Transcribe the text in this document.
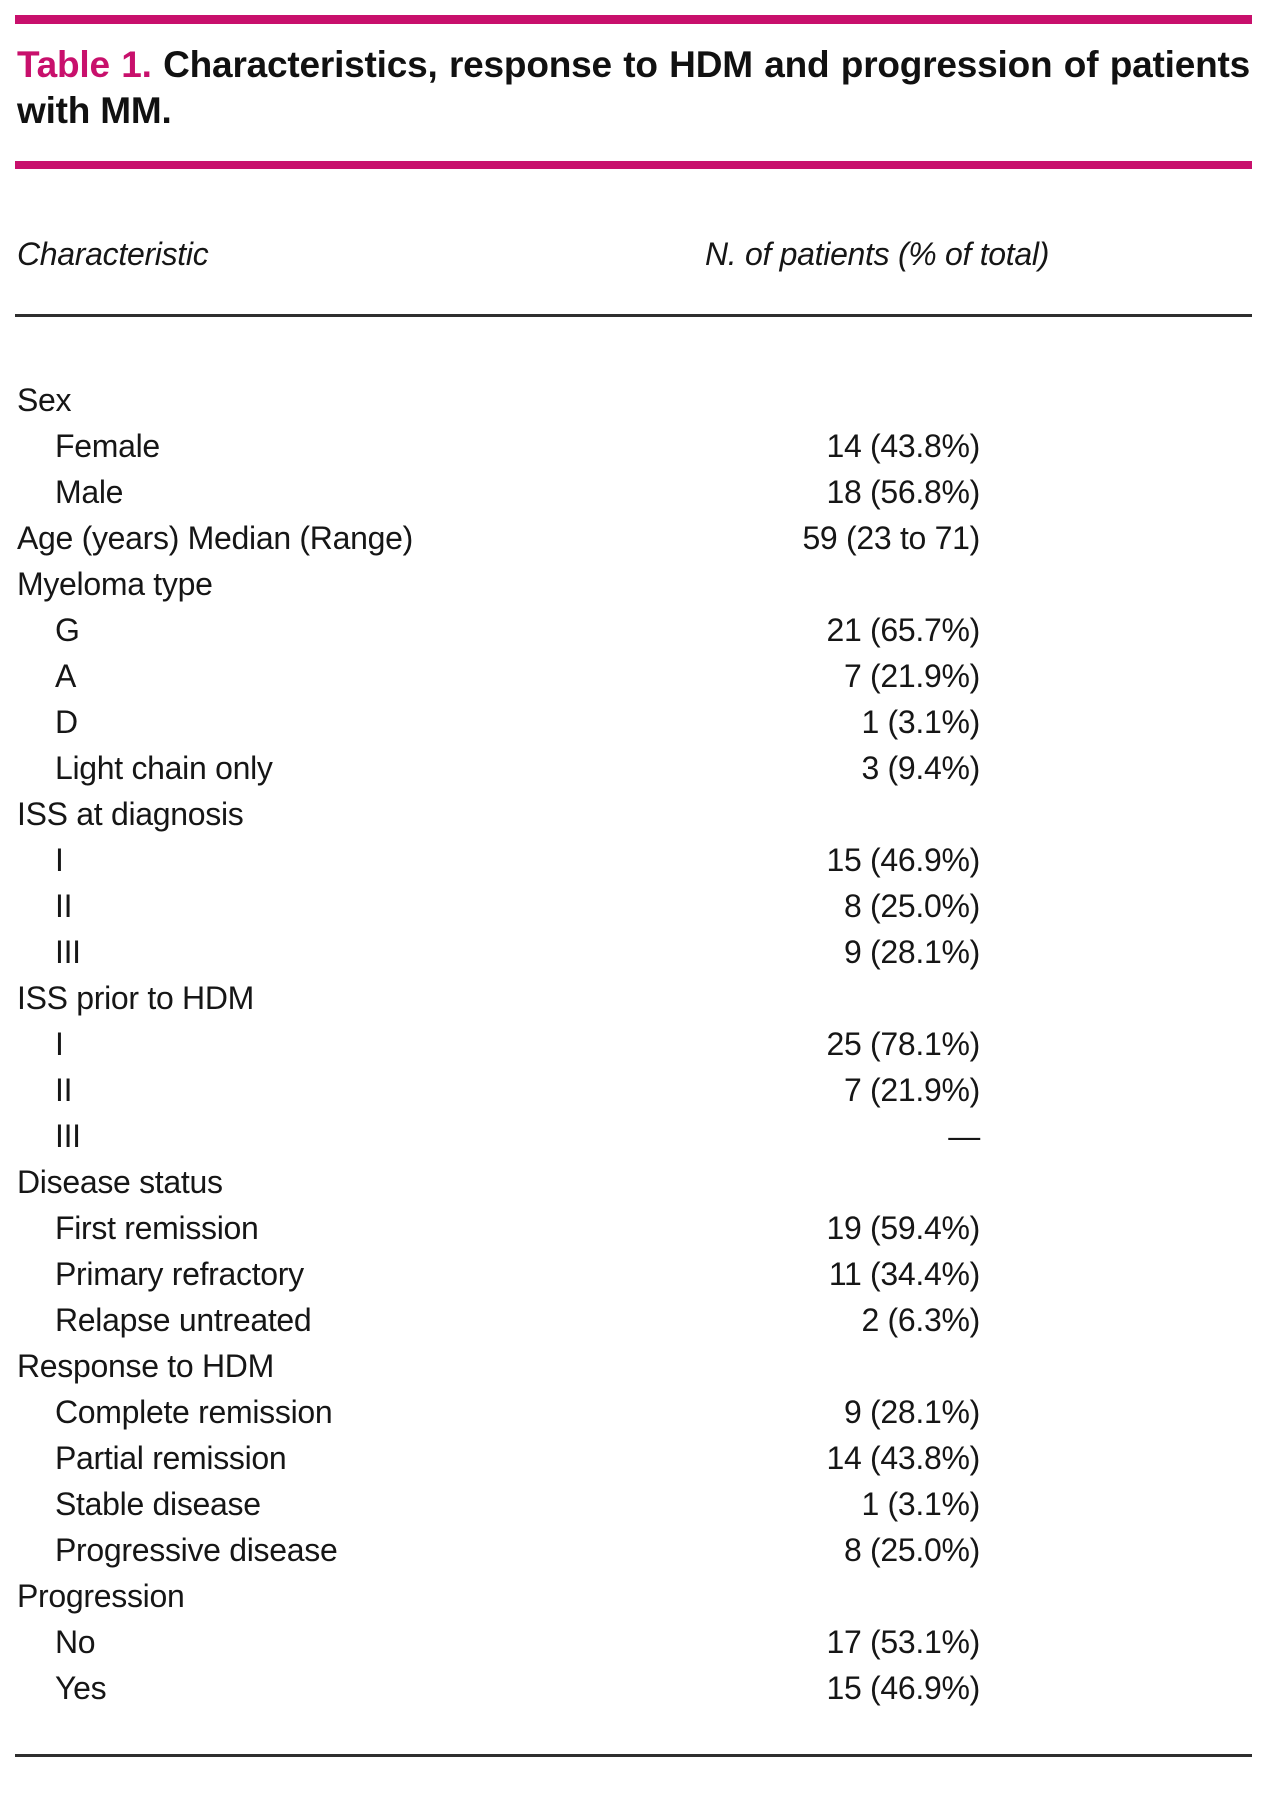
Table 1. Characteristics, response to HDM and progression of patients with MM.

Characteristic	N. of patients (% of total)
Sex
Female	14 (43.8%)
Male	18 (56.8%)
Age (years) Median (Range)	59 (23 to 71)
Myeloma type
G	21 (65.7%)
A	7 (21.9%)
D	1 (3.1%)
Light chain only	3 (9.4%)
ISS at diagnosis
I	15 (46.9%)
II	8 (25.0%)
III	9 (28.1%)
ISS prior to HDM
I	25 (78.1%)
II	7 (21.9%)
III	—
Disease status
First remission	19 (59.4%)
Primary refractory	11 (34.4%)
Relapse untreated	2 (6.3%)
Response to HDM
Complete remission	9 (28.1%)
Partial remission	14 (43.8%)
Stable disease	1 (3.1%)
Progressive disease	8 (25.0%)
Progression
No	17 (53.1%)
Yes	15 (46.9%)
